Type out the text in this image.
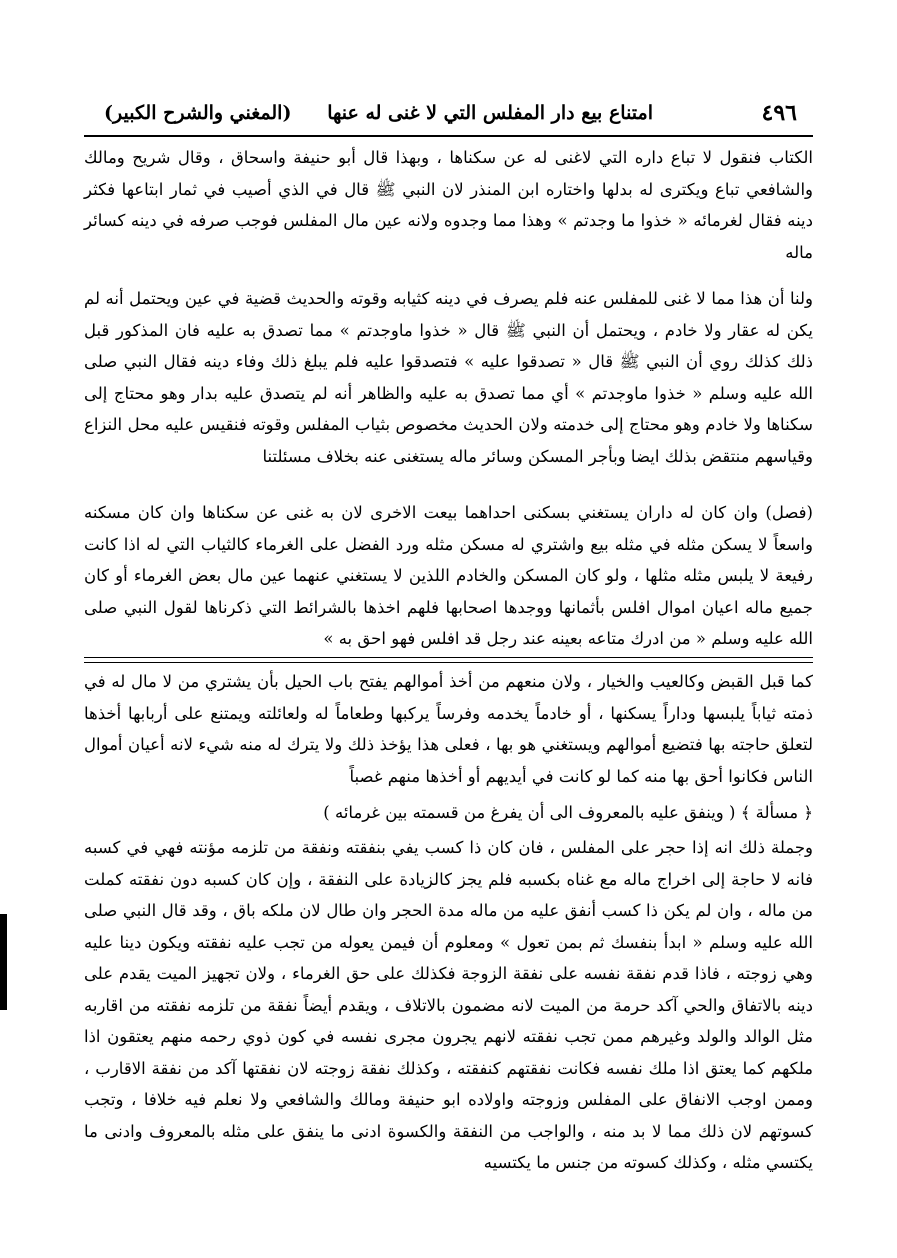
٤٩٦
امتناع بيع دار المفلس التي لا غنى له عنها
(المغني والشرح الكبير)

الكتاب فنقول لا تباع داره التي لاغنى له عن سكناها ، وبهذا قال أبو حنيفة واسحاق ، وقال شريح ومالك والشافعي تباع ويكترى له بدلها واختاره ابن المنذر لان النبي ﷺ قال في الذي أصيب في ثمار ابتاعها فكثر دينه فقال لغرمائه « خذوا ما وجدتم » وهذا مما وجدوه ولانه عين مال المفلس فوجب صرفه في دينه كسائر ماله

ولنا أن هذا مما لا غنى للمفلس عنه فلم يصرف في دينه كثيابه وقوته والحديث قضية في عين ويحتمل أنه لم يكن له عقار ولا خادم ، ويحتمل أن النبي ﷺ قال « خذوا ماوجدتم » مما تصدق به عليه فان المذكور قبل ذلك كذلك روي أن النبي ﷺ قال « تصدقوا عليه » فتصدقوا عليه فلم يبلغ ذلك وفاء دينه فقال النبي صلى الله عليه وسلم « خذوا ماوجدتم » أي مما تصدق به عليه والظاهر أنه لم يتصدق عليه بدار وهو محتاج إلى سكناها ولا خادم وهو محتاج إلى خدمته ولان الحديث مخصوص بثياب المفلس وقوته فنقيس عليه محل النزاع وقياسهم منتقض بذلك ايضا وبأجر المسكن وسائر ماله يستغنى عنه بخلاف مسئلتنا

(فصل) وان كان له داران يستغني بسكنى احداهما بيعت الاخرى لان به غنى عن سكناها وان كان مسكنه واسعاً لا يسكن مثله في مثله بيع واشتري له مسكن مثله ورد الفضل على الغرماء كالثياب التي له اذا كانت رفيعة لا يلبس مثله مثلها ، ولو كان المسكن والخادم اللذين لا يستغني عنهما عين مال بعض الغرماء أو كان جميع ماله اعيان اموال افلس بأثمانها ووجدها اصحابها فلهم اخذها بالشرائط التي ذكرناها لقول النبي صلى الله عليه وسلم « من ادرك متاعه بعينه عند رجل قد افلس فهو احق به »

كما قبل القبض وكالعيب والخيار ، ولان منعهم من أخذ أموالهم يفتح باب الحيل بأن يشتري من لا مال له في ذمته ثياباً يلبسها وداراً يسكنها ، أو خادماً يخدمه وفرساً يركبها وطعاماً له ولعائلته ويمتنع على أربابها أخذها لتعلق حاجته بها فتضيع أموالهم ويستغني هو بها ، فعلى هذا يؤخذ ذلك ولا يترك له منه شيء لانه أعيان أموال الناس فكانوا أحق بها منه كما لو كانت في أيديهم أو أخذها منهم غصباً

﴿ مسألة ﴾ ( وينفق عليه بالمعروف الى أن يفرغ من قسمته بين غرمائه )

وجملة ذلك انه إذا حجر على المفلس ، فان كان ذا كسب يفي بنفقته ونفقة من تلزمه مؤنته فهي في كسبه فانه لا حاجة إلى اخراج ماله مع غناه بكسبه فلم يجز كالزيادة على النفقة ، وإن كان كسبه دون نفقته كملت من ماله ، وان لم يكن ذا كسب أنفق عليه من ماله مدة الحجر وان طال لان ملكه باق ، وقد قال النبي صلى الله عليه وسلم « ابدأ بنفسك ثم بمن تعول » ومعلوم أن فيمن يعوله من تجب عليه نفقته ويكون دينا عليه وهي زوجته ، فاذا قدم نفقة نفسه على نفقة الزوجة فكذلك على حق الغرماء ، ولان تجهيز الميت يقدم على دينه بالاتفاق والحي آكد حرمة من الميت لانه مضمون بالاتلاف ، ويقدم أيضاً نفقة من تلزمه نفقته من اقاربه مثل الوالد والولد وغيرهم ممن تجب نفقته لانهم يجرون مجرى نفسه في كون ذوي رحمه منهم يعتقون اذا ملكهم كما يعتق اذا ملك نفسه فكانت نفقتهم كنفقته ، وكذلك نفقة زوجته لان نفقتها آكد من نفقة الاقارب ، وممن اوجب الانفاق على المفلس وزوجته واولاده ابو حنيفة ومالك والشافعي ولا نعلم فيه خلافا ، وتجب كسوتهم لان ذلك مما لا بد منه ، والواجب من النفقة والكسوة ادنى ما ينفق على مثله بالمعروف وادنى ما يكتسي مثله ، وكذلك كسوته من جنس ما يكتسيه
